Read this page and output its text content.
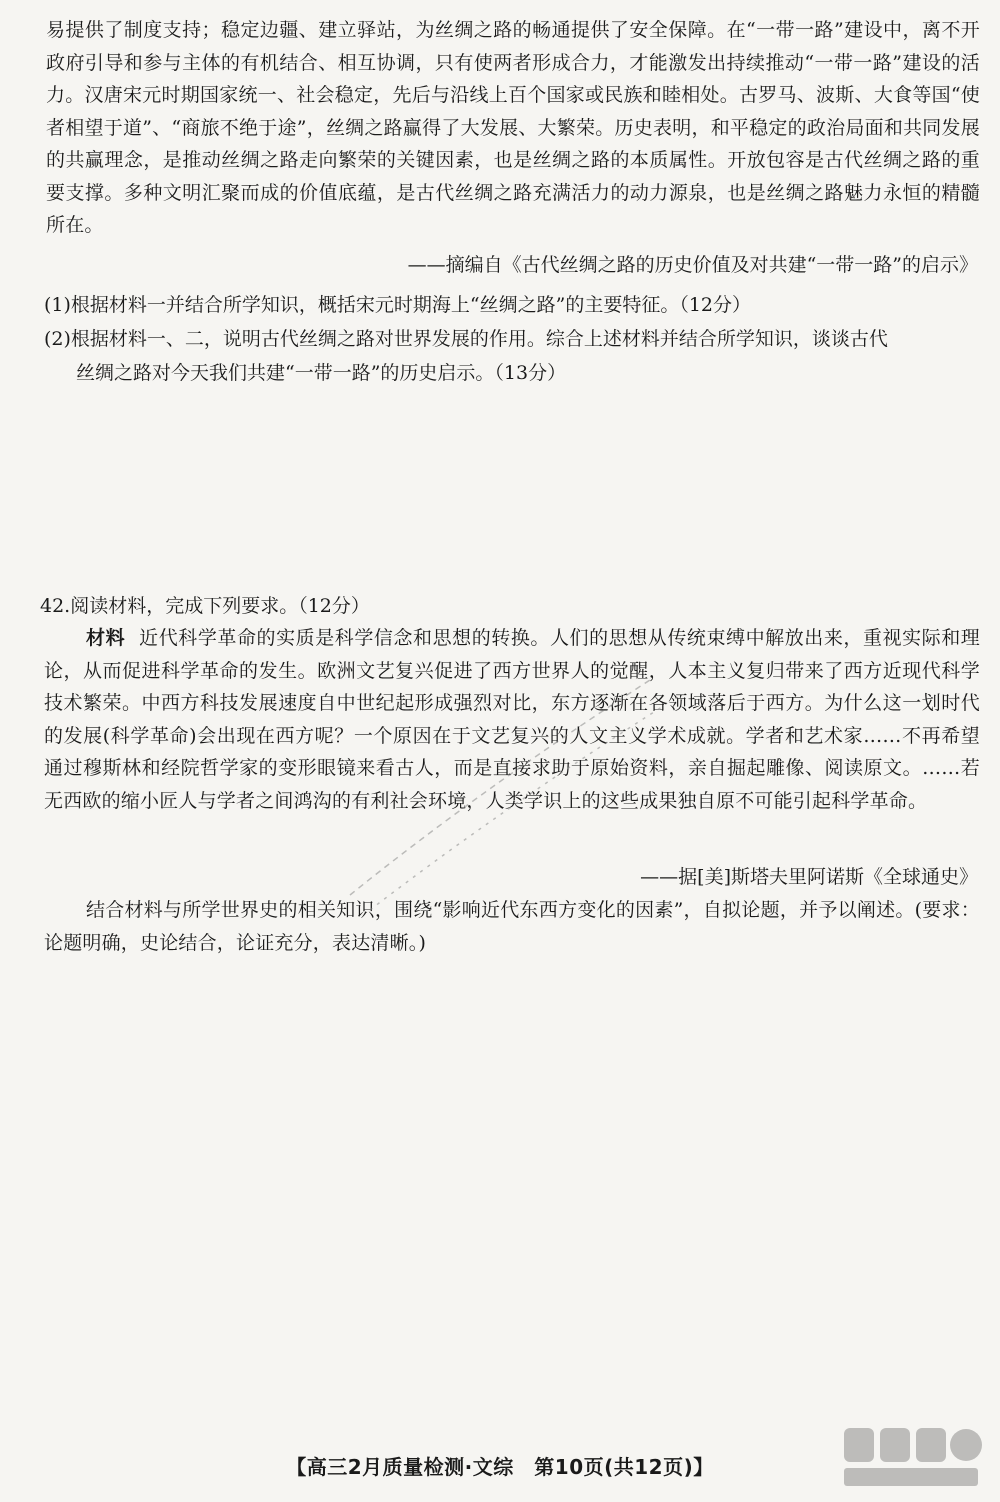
易提供了制度支持；稳定边疆、建立驿站，为丝绸之路的畅通提供了安全保障。在“一带一路”建设中，离不开政府引导和参与主体的有机结合、相互协调，只有使两者形成合力，才能激发出持续推动“一带一路”建设的活力。汉唐宋元时期国家统一、社会稳定，先后与沿线上百个国家或民族和睦相处。古罗马、波斯、大食等国“使者相望于道”、“商旅不绝于途”，丝绸之路赢得了大发展、大繁荣。历史表明，和平稳定的政治局面和共同发展的共赢理念，是推动丝绸之路走向繁荣的关键因素，也是丝绸之路的本质属性。开放包容是古代丝绸之路的重要支撑。多种文明汇聚而成的价值底蕴，是古代丝绸之路充满活力的动力源泉，也是丝绸之路魅力永恒的精髓所在。
——摘编自《古代丝绸之路的历史价值及对共建“一带一路”的启示》
(1)根据材料一并结合所学知识，概括宋元时期海上“丝绸之路”的主要特征。（12分）
(2)根据材料一、二，说明古代丝绸之路对世界发展的作用。综合上述材料并结合所学知识，谈谈古代
丝绸之路对今天我们共建“一带一路”的历史启示。（13分）
42.阅读材料，完成下列要求。（12分）
材料 近代科学革命的实质是科学信念和思想的转换。人们的思想从传统束缚中解放出来，重视实际和理论，从而促进科学革命的发生。欧洲文艺复兴促进了西方世界人的觉醒，人本主义复归带来了西方近现代科学技术繁荣。中西方科技发展速度自中世纪起形成强烈对比，东方逐渐在各领域落后于西方。为什么这一划时代的发展(科学革命)会出现在西方呢？一个原因在于文艺复兴的人文主义学术成就。学者和艺术家……不再希望通过穆斯林和经院哲学家的变形眼镜来看古人，而是直接求助于原始资料，亲自掘起雕像、阅读原文。……若无西欧的缩小匠人与学者之间鸿沟的有利社会环境，人类学识上的这些成果独自原不可能引起科学革命。
——据[美]斯塔夫里阿诺斯《全球通史》
结合材料与所学世界史的相关知识，围绕“影响近代东西方变化的因素”，自拟论题，并予以阐述。(要求：论题明确，史论结合，论证充分，表达清晰。)
【高三2月质量检测·文综　第10页(共12页)】
